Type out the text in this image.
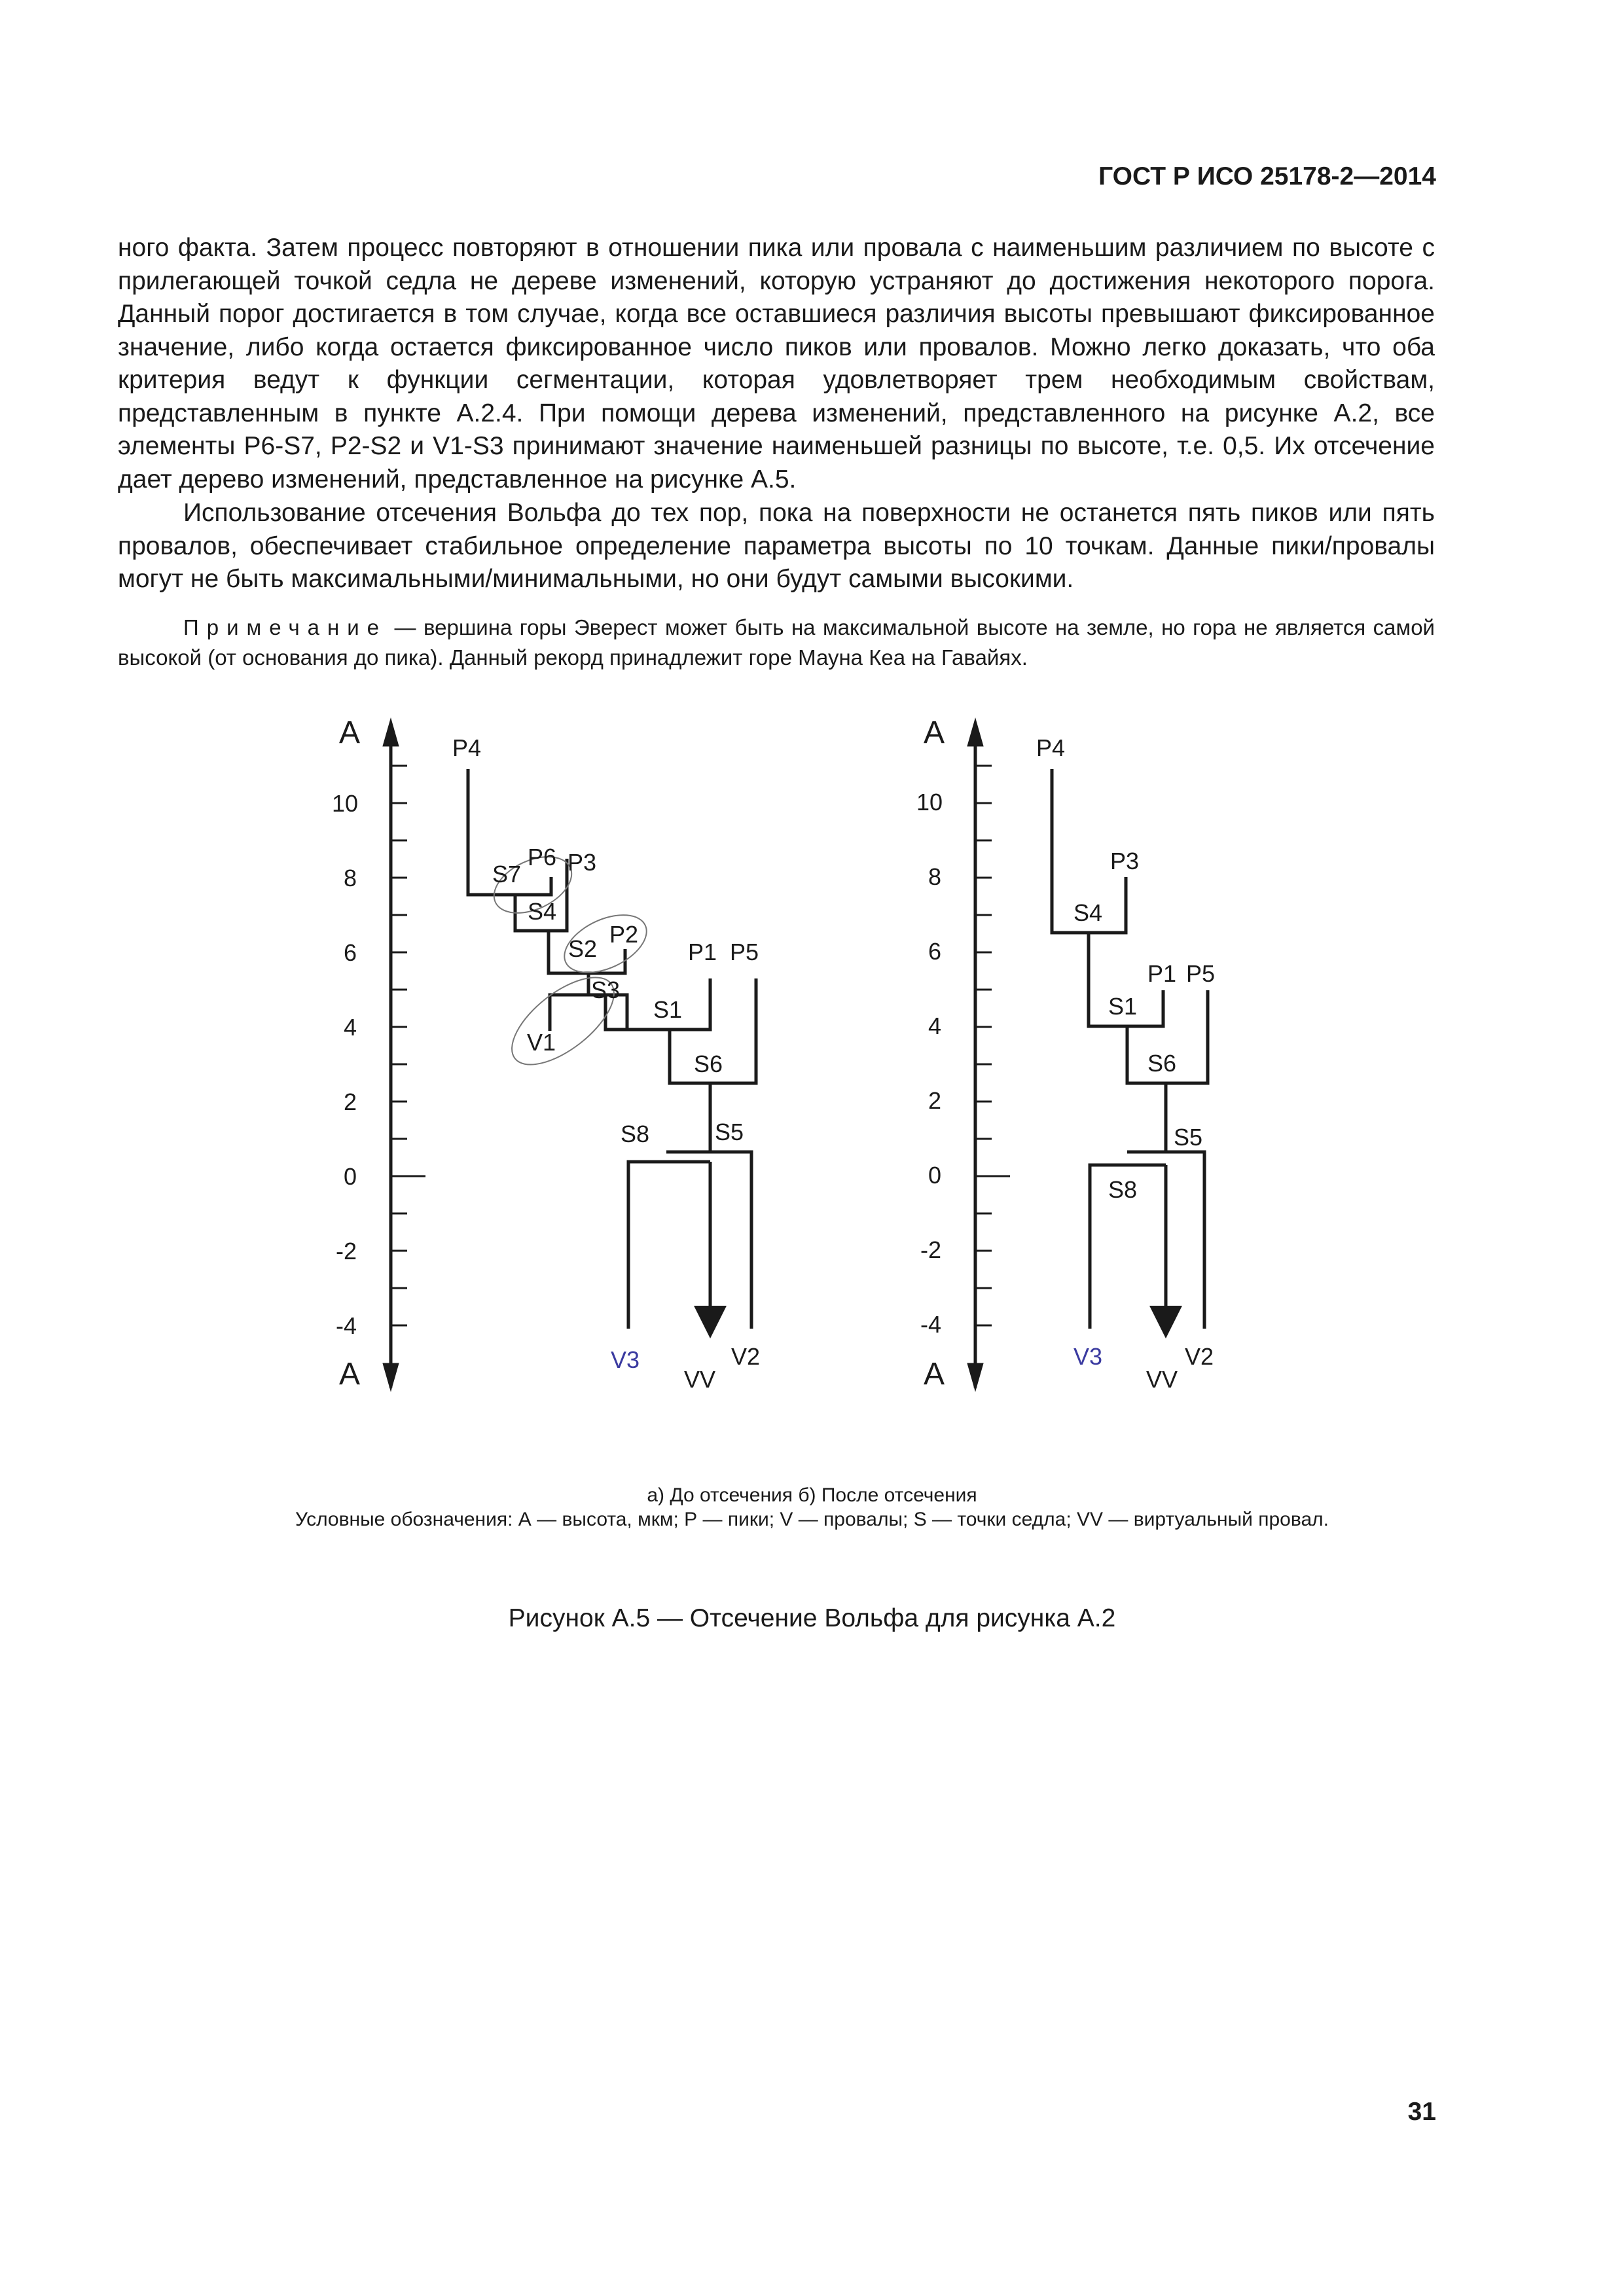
ГОСТ Р ИСО 25178-2—2014

ного факта. Затем процесс повторяют в отношении пика или провала с наименьшим различием по высоте с прилегающей точкой седла не дереве изменений, которую устраняют до достижения некоторого порога. Данный порог достигается в том случае, когда все оставшиеся различия высоты превышают фиксированное значение, либо когда остается фиксированное число пиков или провалов. Можно легко доказать, что оба критерия ведут к функции сегментации, которая удовлетворяет трем необходимым свойствам, представленным в пункте А.2.4. При помощи дерева изменений, представленного на рисунке А.2, все элементы Р6-S7, P2-S2 и V1-S3 принимают значение наименьшей разницы по высоте, т.е. 0,5. Их отсечение дает дерево изменений, представленное на рисунке А.5.

Использование отсечения Вольфа до тех пор, пока на поверхности не останется пять пиков или пять провалов, обеспечивает стабильное определение параметра высоты по 10 точкам. Данные пики/провалы могут не быть максимальными/минимальными, но они будут самыми высокими.

Примечание — вершина горы Эверест может быть на максимальной высоте на земле, но гора не является самой высокой (от основания до пика). Данный рекорд принадлежит горе Мауна Кеа на Гавайях.

A
A
10
8
6
4
2
0
-2
-4
P4
S7
P6 P3
S4
S2
P2
S3
P1 P5
S1
V1
S6
S8	S5
V3
VV
V2
A
A
10
8
6
4
2
0
-2
-4
P4
P3
S4
P1 P5
S1
S6
S5
S8
V3
VV
V2
а) До отсечения б) После отсечения
Условные обозначения: А — высота, мкм; Р — пики; V — провалы; S — точки седла; VV — виртуальный провал.
Рисунок А.5 — Отсечение Вольфа для рисунка А.2
31
